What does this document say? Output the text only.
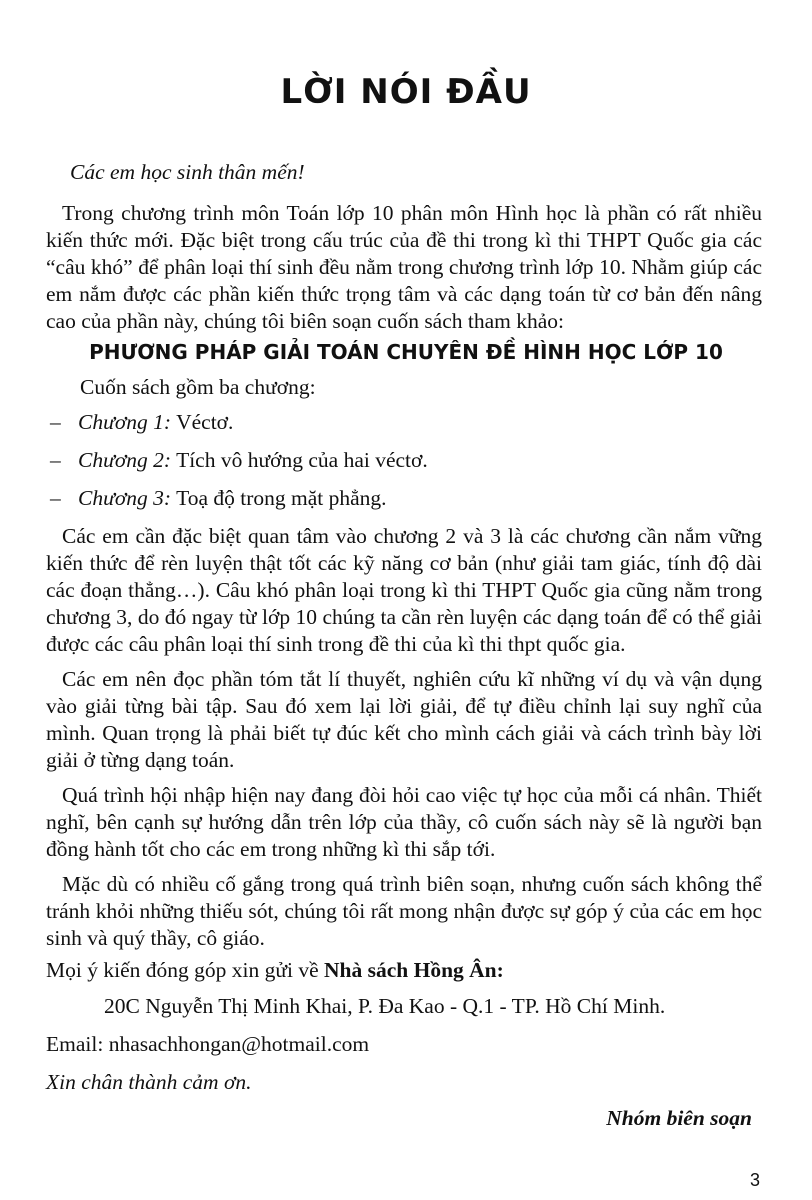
LỜI NÓI ĐẦU

Các em học sinh thân mến!

Trong chương trình môn Toán lớp 10 phân môn Hình học là phần có rất nhiều kiến thức mới. Đặc biệt trong cấu trúc của đề thi trong kì thi THPT Quốc gia các “câu khó” để phân loại thí sinh đều nằm trong chương trình lớp 10. Nhằm giúp các em nắm được các phần kiến thức trọng tâm và các dạng toán từ cơ bản đến nâng cao của phần này, chúng tôi biên soạn cuốn sách tham khảo:

PHƯƠNG PHÁP GIẢI TOÁN CHUYÊN ĐỀ HÌNH HỌC LỚP 10

Cuốn sách gồm ba chương:

– Chương 1: Véctơ.

– Chương 2: Tích vô hướng của hai véctơ.

– Chương 3: Toạ độ trong mặt phẳng.

Các em cần đặc biệt quan tâm vào chương 2 và 3 là các chương cần nắm vững kiến thức để rèn luyện thật tốt các kỹ năng cơ bản (như giải tam giác, tính độ dài các đoạn thẳng…). Câu khó phân loại trong kì thi THPT Quốc gia cũng nằm trong chương 3, do đó ngay từ lớp 10 chúng ta cần rèn luyện các dạng toán để có thể giải được các câu phân loại thí sinh trong đề thi của kì thi thpt quốc gia.

Các em nên đọc phần tóm tắt lí thuyết, nghiên cứu kĩ những ví dụ và vận dụng vào giải từng bài tập. Sau đó xem lại lời giải, để tự điều chỉnh lại suy nghĩ của mình. Quan trọng là phải biết tự đúc kết cho mình cách giải và cách trình bày lời giải ở từng dạng toán.

Quá trình hội nhập hiện nay đang đòi hỏi cao việc tự học của mỗi cá nhân. Thiết nghĩ, bên cạnh sự hướng dẫn trên lớp của thầy, cô cuốn sách này sẽ là người bạn đồng hành tốt cho các em trong những kì thi sắp tới.

Mặc dù có nhiều cố gắng trong quá trình biên soạn, nhưng cuốn sách không thể tránh khỏi những thiếu sót, chúng tôi rất mong nhận được sự góp ý của các em học sinh và quý thầy, cô giáo.

Mọi ý kiến đóng góp xin gửi về Nhà sách Hồng Ân:

20C Nguyễn Thị Minh Khai, P. Đa Kao - Q.1 - TP. Hồ Chí Minh.

Email: nhasachhongan@hotmail.com

Xin chân thành cảm ơn.

Nhóm biên soạn

3
